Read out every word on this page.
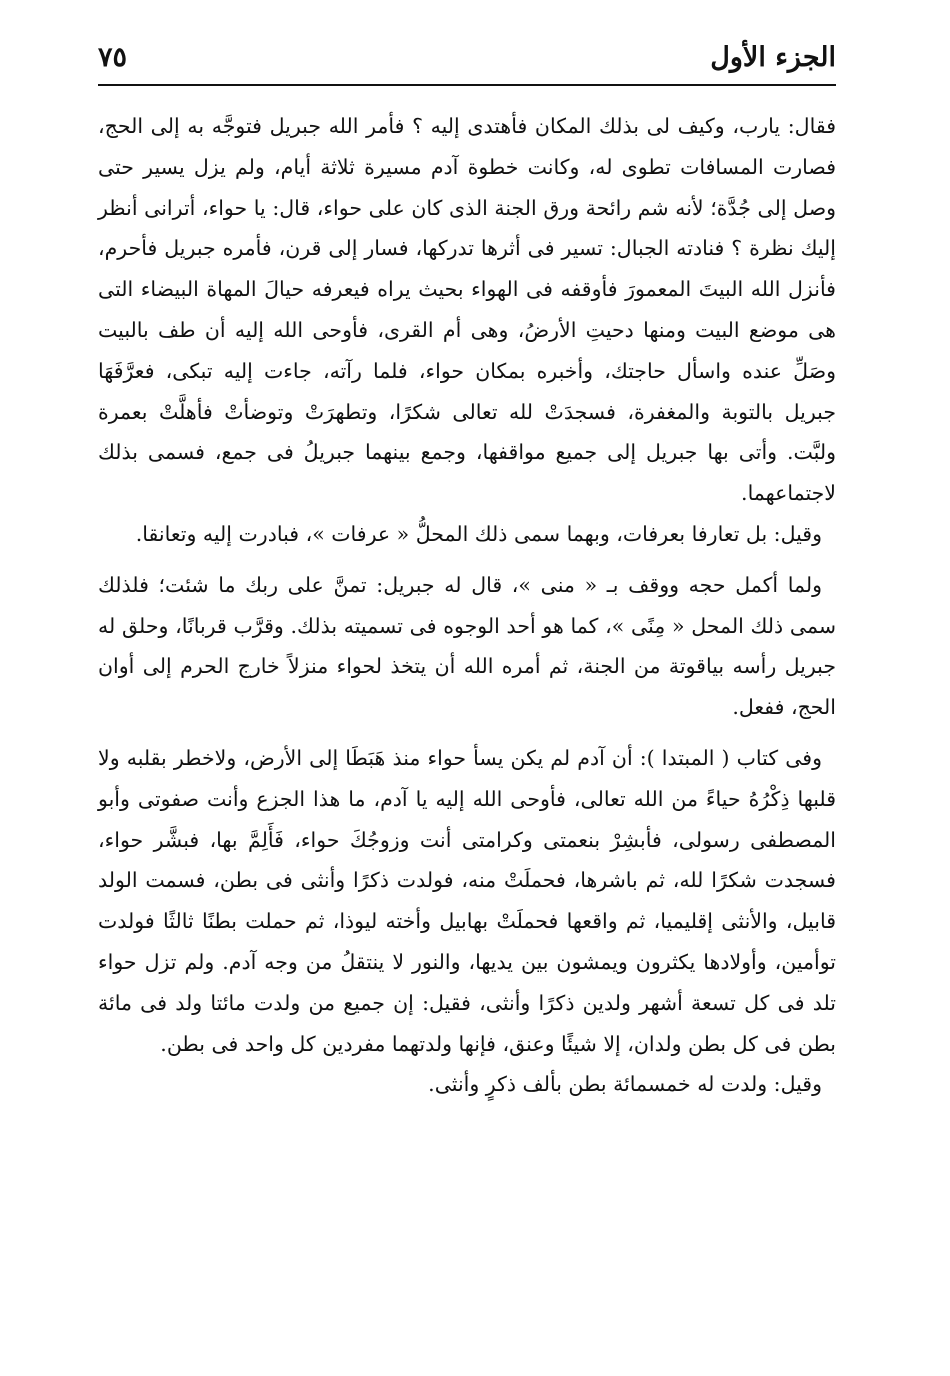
الجزء الأول
٧٥

فقال: يارب، وكيف لى بذلك المكان فأهتدى إليه ؟ فأمر الله جبريل فتوجَّه به إلى الحج، فصارت المسافات تطوى له، وكانت خطوة آدم مسيرة ثلاثة أيام، ولم يزل يسير حتى وصل إلى جُدَّة؛ لأنه شم رائحة ورق الجنة الذى كان على حواء، قال: يا حواء، أترانى أنظر إليك نظرة ؟ فنادته الجبال: تسير فى أثرها تدركها، فسار إلى قرن، فأمره جبريل فأحرم، فأنزل الله البيتَ المعمورَ فأوقفه فى الهواء بحيث يراه فيعرفه حيالَ المهاة البيضاء التى هى موضع البيت ومنها دحيتِ الأرضُ، وهى أم القرى، فأوحى الله إليه أن طف بالبيت وصَلِّ عنده واسأل حاجتك، وأخبره بمكان حواء، فلما رآته، جاءت إليه تبكى، فعرَّفَهَا جبريل بالتوبة والمغفرة، فسجدَتْ لله تعالى شكرًا، وتطهرَتْ وتوضأتْ فأهلَّتْ بعمرة ولبَّت. وأتى بها جبريل إلى جميع مواقفها، وجمع بينهما جبريلُ فى جمع، فسمى بذلك لاجتماعهما.

وقيل: بل تعارفا بعرفات، وبهما سمى ذلك المحلُّ « عرفات »، فبادرت إليه وتعانقا.

ولما أكمل حجه ووقف بـ « منى »، قال له جبريل: تمنَّ على ربك ما شئت؛ فلذلك سمى ذلك المحل « مِنًى »، كما هو أحد الوجوه فى تسميته بذلك. وقرَّب قربانًا، وحلق له جبريل رأسه بياقوتة من الجنة، ثم أمره الله أن يتخذ لحواء منزلاً خارج الحرم إلى أوان الحج، ففعل.

وفى كتاب ( المبتدا ): أن آدم لم يكن يسأ حواء منذ هَبَطَا إلى الأرض، ولاخطر بقلبه ولا قلبها ذِكْرُهُ حياءً من الله تعالى، فأوحى الله إليه يا آدم، ما هذا الجزع وأنت صفوتى وأبو المصطفى رسولى، فأبشِرْ بنعمتى وكرامتى أنت وزوجُكَ حواء، فَأَلِمَّ بها، فبشَّر حواء، فسجدت شكرًا لله، ثم باشرها، فحملَتْ منه، فولدت ذكرًا وأنثى فى بطن، فسمت الولد قابيل، والأنثى إقليميا، ثم واقعها فحملَتْ بهابيل وأخته ليوذا، ثم حملت بطنًا ثالثًا فولدت توأمين، وأولادها يكثرون ويمشون بين يديها، والنور لا ينتقلُ من وجه آدم. ولم تزل حواء تلد فى كل تسعة أشهر ولدين ذكرًا وأنثى، فقيل: إن جميع من ولدت مائتا ولد فى مائة بطن فى كل بطن ولدان، إلا شيئًا وعنق، فإنها ولدتهما مفردين كل واحد فى بطن.

وقيل: ولدت له خمسمائة بطن بألف ذكرٍ وأنثى.
